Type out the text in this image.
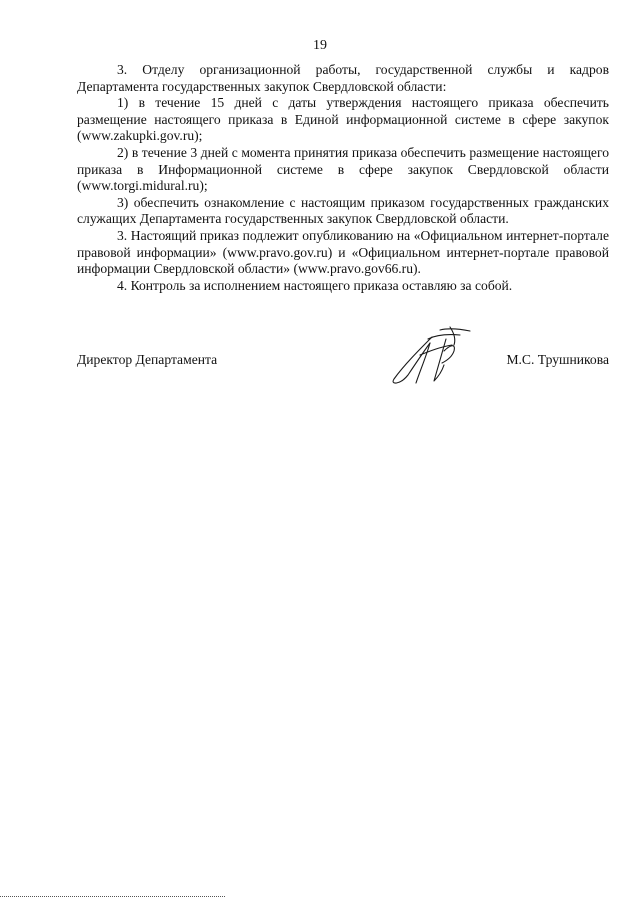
19

3. Отделу организационной работы, государственной службы и кадров Департамента государственных закупок Свердловской области:

1) в течение 15 дней с даты утверждения настоящего приказа обеспечить размещение настоящего приказа в Единой информационной системе в сфере закупок (www.zakupki.gov.ru);

2) в течение 3 дней с момента принятия приказа обеспечить размещение настоящего приказа в Информационной системе в сфере закупок Свердловской области (www.torgi.midural.ru);

3) обеспечить ознакомление с настоящим приказом государственных гражданских служащих Департамента государственных закупок Свердловской области.

3. Настоящий приказ подлежит опубликованию на «Официальном интернет-портале правовой информации» (www.pravo.gov.ru) и «Официальном интернет-портале правовой информации Свердловской области» (www.pravo.gov66.ru).

4. Контроль за исполнением настоящего приказа оставляю за собой.

Директор Департамента	М.С. Трушникова
